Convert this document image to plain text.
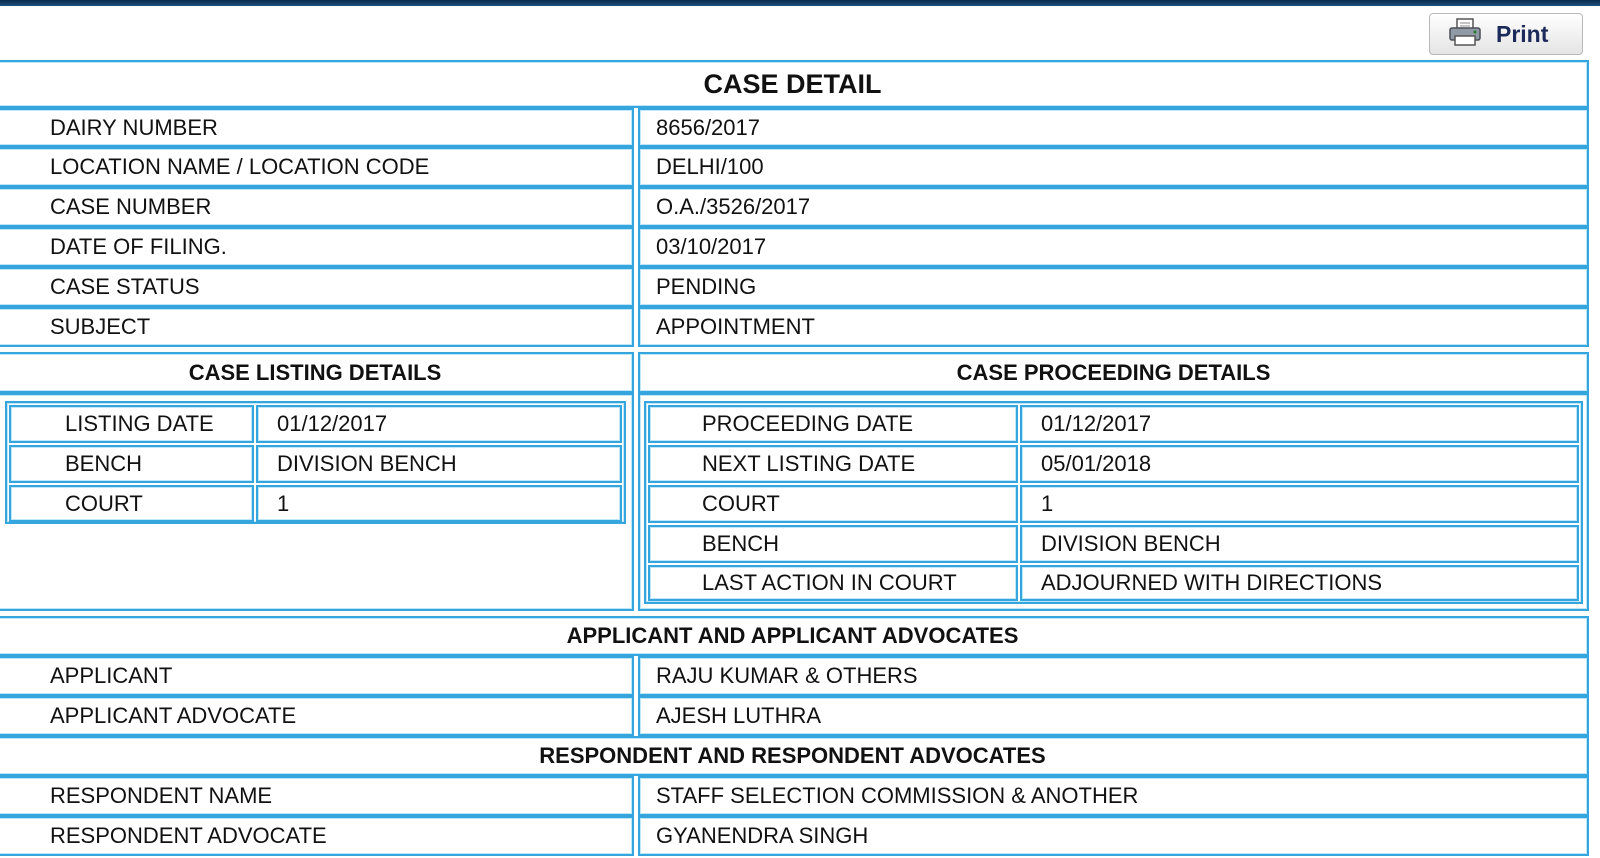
Print
CASE DETAIL
DAIRY NUMBER	8656/2017
LOCATION NAME / LOCATION CODE	DELHI/100
CASE NUMBER	O.A./3526/2017
DATE OF FILING.	03/10/2017
CASE STATUS	PENDING
SUBJECT	APPOINTMENT
CASE LISTING DETAILS	CASE PROCEEDING DETAILS
LISTING DATE	01/12/2017
BENCH	DIVISION BENCH
COURT	1
PROCEEDING DATE	01/12/2017
NEXT LISTING DATE	05/01/2018
COURT	1
BENCH	DIVISION BENCH
LAST ACTION IN COURT	ADJOURNED WITH DIRECTIONS
APPLICANT AND APPLICANT ADVOCATES
APPLICANT	RAJU KUMAR & OTHERS
APPLICANT ADVOCATE	AJESH LUTHRA
RESPONDENT AND RESPONDENT ADVOCATES
RESPONDENT NAME	STAFF SELECTION COMMISSION & ANOTHER
RESPONDENT ADVOCATE	GYANENDRA SINGH
